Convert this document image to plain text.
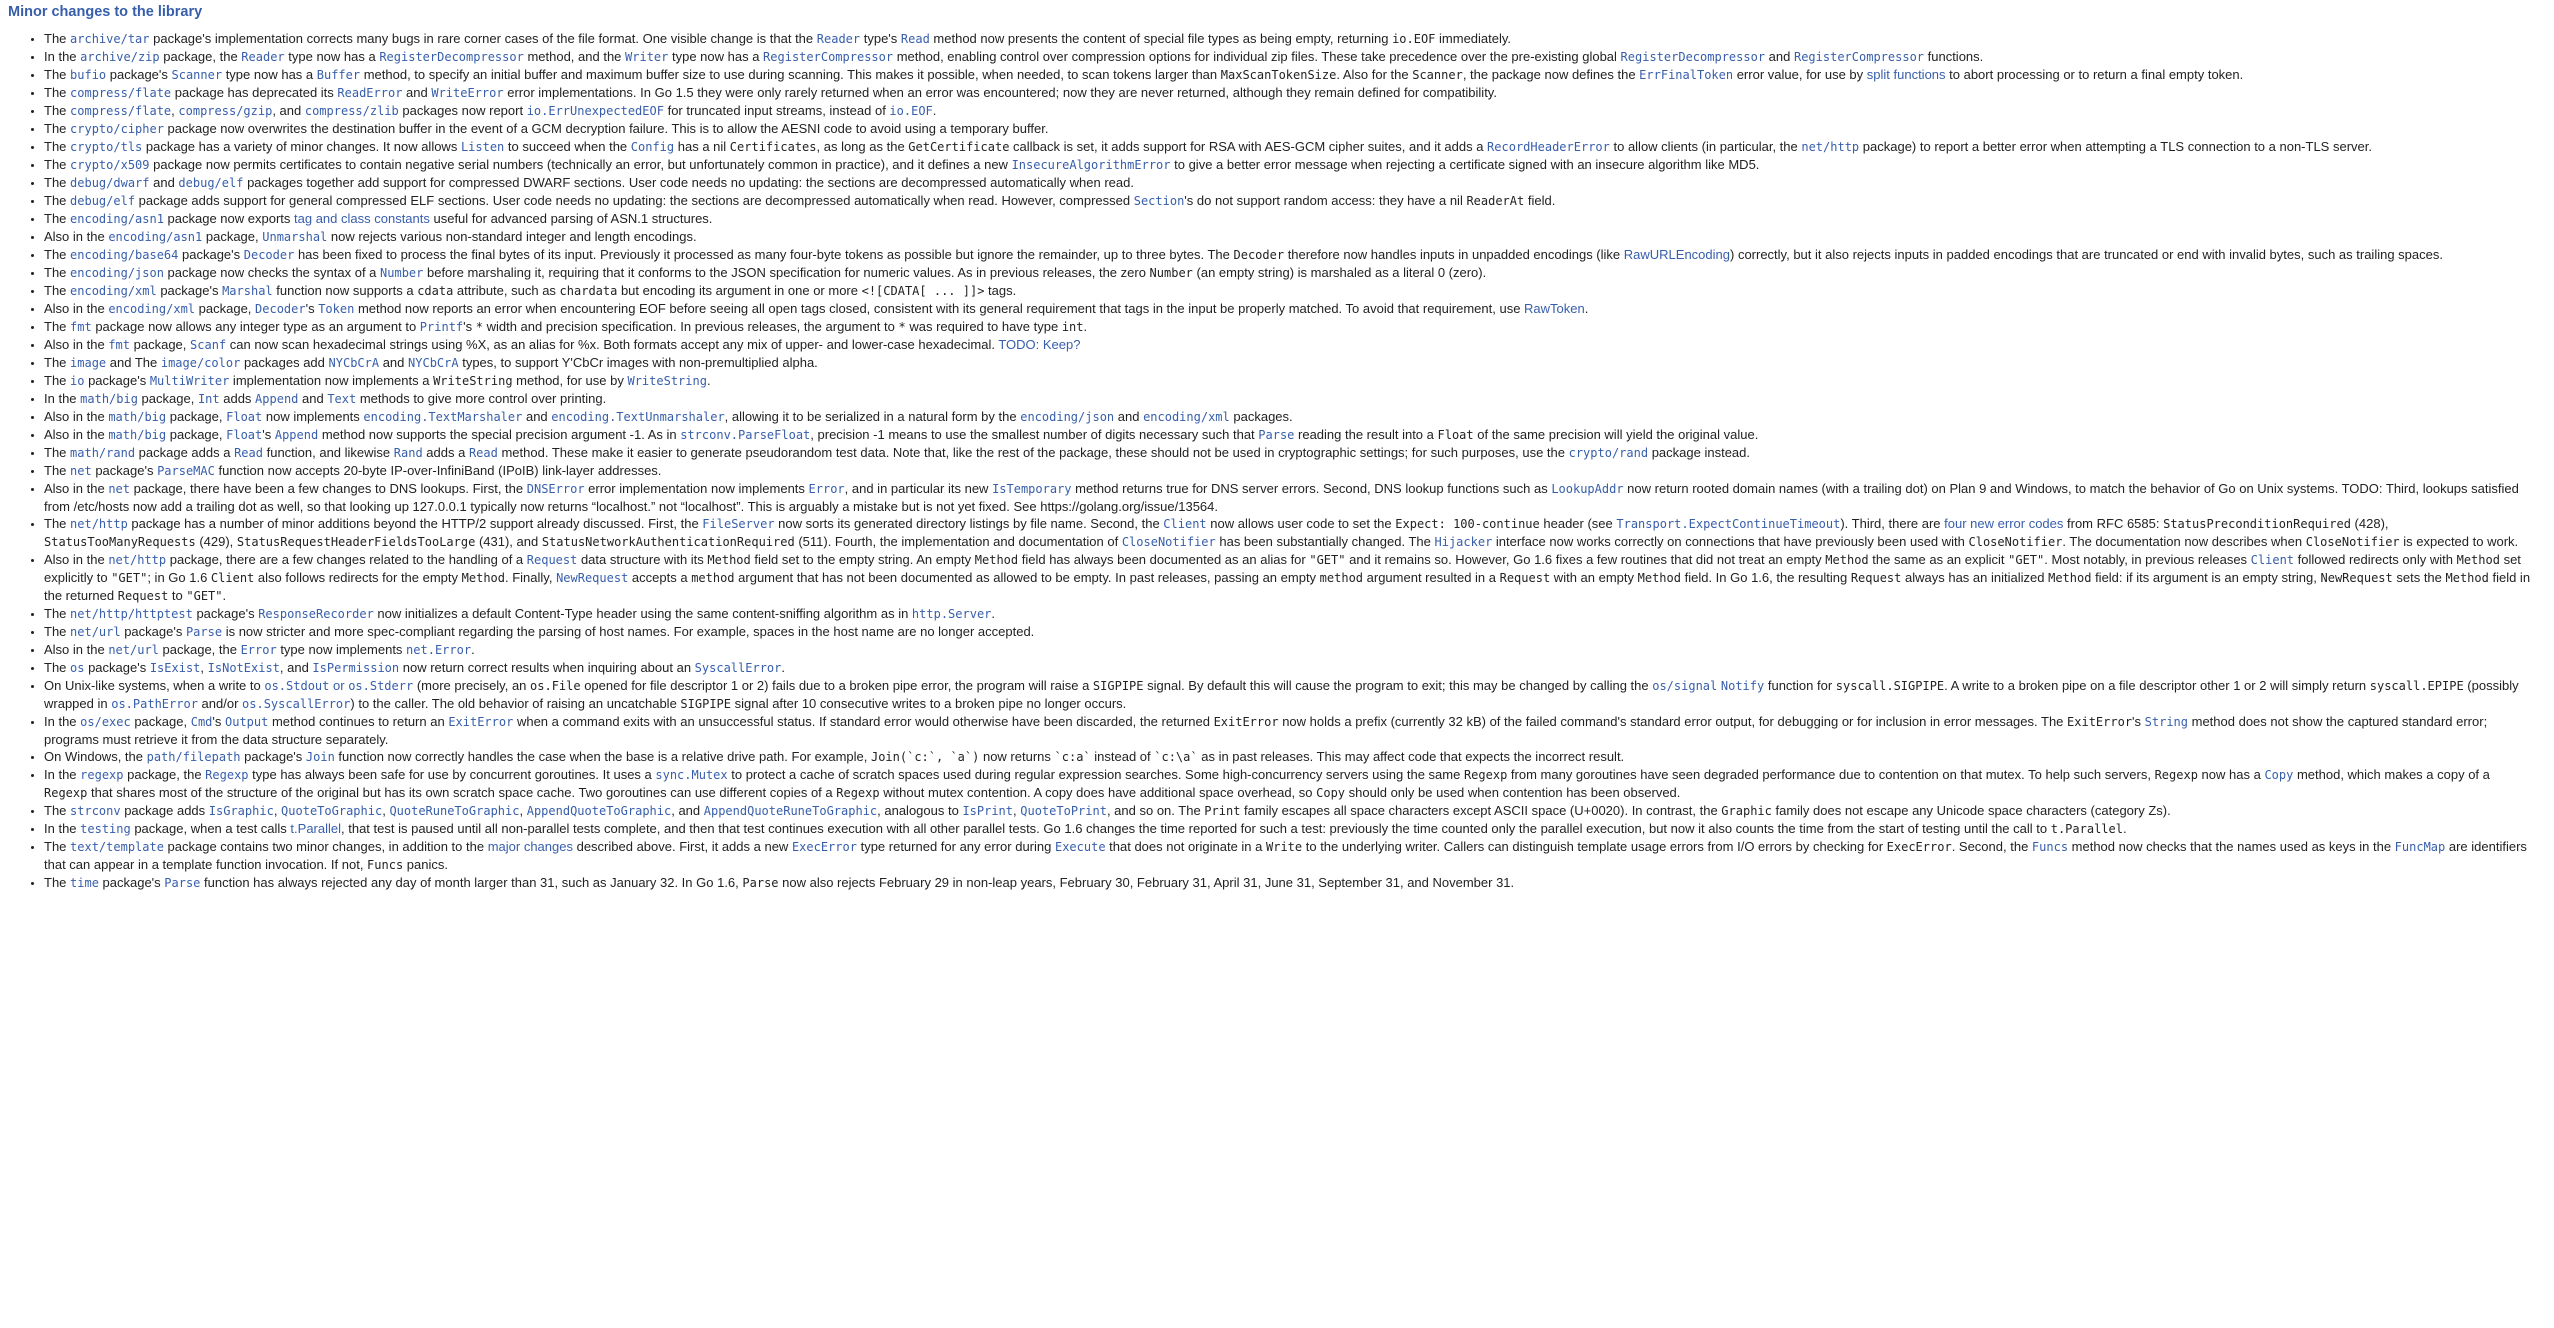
Minor changes to the library
• The archive/tar package's implementation corrects many bugs in rare corner cases of the file format. One visible change is that the Reader type's Read method now presents the content of special file types as being empty, returning io.EOF immediately.
• In the archive/zip package, the Reader type now has a RegisterDecompressor method, and the Writer type now has a RegisterCompressor method, enabling control over compression options for individual zip files. These take precedence over the pre-existing global RegisterDecompressor and RegisterCompressor functions.
• The bufio package's Scanner type now has a Buffer method, to specify an initial buffer and maximum buffer size to use during scanning. This makes it possible, when needed, to scan tokens larger than MaxScanTokenSize. Also for the Scanner, the package now defines the ErrFinalToken error value, for use by split functions to abort processing or to return a final empty token.
• The compress/flate package has deprecated its ReadError and WriteError error implementations. In Go 1.5 they were only rarely returned when an error was encountered; now they are never returned, although they remain defined for compatibility.
• The compress/flate, compress/gzip, and compress/zlib packages now report io.ErrUnexpectedEOF for truncated input streams, instead of io.EOF.
• The crypto/cipher package now overwrites the destination buffer in the event of a GCM decryption failure. This is to allow the AESNI code to avoid using a temporary buffer.
• The crypto/tls package has a variety of minor changes. It now allows Listen to succeed when the Config has a nil Certificates, as long as the GetCertificate callback is set, it adds support for RSA with AES-GCM cipher suites, and it adds a RecordHeaderError to allow clients (in particular, the net/http package) to report a better error when attempting a TLS connection to a non-TLS server.
• The crypto/x509 package now permits certificates to contain negative serial numbers (technically an error, but unfortunately common in practice), and it defines a new InsecureAlgorithmError to give a better error message when rejecting a certificate signed with an insecure algorithm like MD5.
• The debug/dwarf and debug/elf packages together add support for compressed DWARF sections. User code needs no updating: the sections are decompressed automatically when read.
• The debug/elf package adds support for general compressed ELF sections. User code needs no updating: the sections are decompressed automatically when read. However, compressed Section's do not support random access: they have a nil ReaderAt field.
• The encoding/asn1 package now exports tag and class constants useful for advanced parsing of ASN.1 structures.
• Also in the encoding/asn1 package, Unmarshal now rejects various non-standard integer and length encodings.
• The encoding/base64 package's Decoder has been fixed to process the final bytes of its input. Previously it processed as many four-byte tokens as possible but ignore the remainder, up to three bytes. The Decoder therefore now handles inputs in unpadded encodings (like RawURLEncoding) correctly, but it also rejects inputs in padded encodings that are truncated or end with invalid bytes, such as trailing spaces.
• The encoding/json package now checks the syntax of a Number before marshaling it, requiring that it conforms to the JSON specification for numeric values. As in previous releases, the zero Number (an empty string) is marshaled as a literal 0 (zero).
• The encoding/xml package's Marshal function now supports a cdata attribute, such as chardata but encoding its argument in one or more <![CDATA[ ... ]]> tags.
• Also in the encoding/xml package, Decoder's Token method now reports an error when encountering EOF before seeing all open tags closed, consistent with its general requirement that tags in the input be properly matched. To avoid that requirement, use RawToken.
• The fmt package now allows any integer type as an argument to Printf's * width and precision specification. In previous releases, the argument to * was required to have type int.
• Also in the fmt package, Scanf can now scan hexadecimal strings using %X, as an alias for %x. Both formats accept any mix of upper- and lower-case hexadecimal. TODO: Keep?
• The image and The image/color packages add NYCbCrA and NYCbCrA types, to support Y'CbCr images with non-premultiplied alpha.
• The io package's MultiWriter implementation now implements a WriteString method, for use by WriteString.
• In the math/big package, Int adds Append and Text methods to give more control over printing.
• Also in the math/big package, Float now implements encoding.TextMarshaler and encoding.TextUnmarshaler, allowing it to be serialized in a natural form by the encoding/json and encoding/xml packages.
• Also in the math/big package, Float's Append method now supports the special precision argument -1. As in strconv.ParseFloat, precision -1 means to use the smallest number of digits necessary such that Parse reading the result into a Float of the same precision will yield the original value.
• The math/rand package adds a Read function, and likewise Rand adds a Read method. These make it easier to generate pseudorandom test data. Note that, like the rest of the package, these should not be used in cryptographic settings; for such purposes, use the crypto/rand package instead.
• The net package's ParseMAC function now accepts 20-byte IP-over-InfiniBand (IPoIB) link-layer addresses.
• Also in the net package, there have been a few changes to DNS lookups. First, the DNSError error implementation now implements Error, and in particular its new IsTemporary method returns true for DNS server errors. Second, DNS lookup functions such as LookupAddr now return rooted domain names (with a trailing dot) on Plan 9 and Windows, to match the behavior of Go on Unix systems. TODO: Third, lookups satisfied from /etc/hosts now add a trailing dot as well, so that looking up 127.0.0.1 typically now returns “localhost.” not “localhost”. This is arguably a mistake but is not yet fixed. See https://golang.org/issue/13564.
• The net/http package has a number of minor additions beyond the HTTP/2 support already discussed. First, the FileServer now sorts its generated directory listings by file name. Second, the Client now allows user code to set the Expect: 100-continue header (see Transport.ExpectContinueTimeout). Third, there are four new error codes from RFC 6585: StatusPreconditionRequired (428), StatusTooManyRequests (429), StatusRequestHeaderFieldsTooLarge (431), and StatusNetworkAuthenticationRequired (511). Fourth, the implementation and documentation of CloseNotifier has been substantially changed. The Hijacker interface now works correctly on connections that have previously been used with CloseNotifier. The documentation now describes when CloseNotifier is expected to work.
• Also in the net/http package, there are a few changes related to the handling of a Request data structure with its Method field set to the empty string. An empty Method field has always been documented as an alias for "GET" and it remains so. However, Go 1.6 fixes a few routines that did not treat an empty Method the same as an explicit "GET". Most notably, in previous releases Client followed redirects only with Method set explicitly to "GET"; in Go 1.6 Client also follows redirects for the empty Method. Finally, NewRequest accepts a method argument that has not been documented as allowed to be empty. In past releases, passing an empty method argument resulted in a Request with an empty Method field. In Go 1.6, the resulting Request always has an initialized Method field: if its argument is an empty string, NewRequest sets the Method field in the returned Request to "GET".
• The net/http/httptest package's ResponseRecorder now initializes a default Content-Type header using the same content-sniffing algorithm as in http.Server.
• The net/url package's Parse is now stricter and more spec-compliant regarding the parsing of host names. For example, spaces in the host name are no longer accepted.
• Also in the net/url package, the Error type now implements net.Error.
• The os package's IsExist, IsNotExist, and IsPermission now return correct results when inquiring about an SyscallError.
• On Unix-like systems, when a write to os.Stdout or os.Stderr (more precisely, an os.File opened for file descriptor 1 or 2) fails due to a broken pipe error, the program will raise a SIGPIPE signal. By default this will cause the program to exit; this may be changed by calling the os/signal Notify function for syscall.SIGPIPE. A write to a broken pipe on a file descriptor other 1 or 2 will simply return syscall.EPIPE (possibly wrapped in os.PathError and/or os.SyscallError) to the caller. The old behavior of raising an uncatchable SIGPIPE signal after 10 consecutive writes to a broken pipe no longer occurs.
• In the os/exec package, Cmd's Output method continues to return an ExitError when a command exits with an unsuccessful status. If standard error would otherwise have been discarded, the returned ExitError now holds a prefix (currently 32 kB) of the failed command's standard error output, for debugging or for inclusion in error messages. The ExitError's String method does not show the captured standard error; programs must retrieve it from the data structure separately.
• On Windows, the path/filepath package's Join function now correctly handles the case when the base is a relative drive path. For example, Join(`c:`, `a`) now returns `c:a` instead of `c:\a` as in past releases. This may affect code that expects the incorrect result.
• In the regexp package, the Regexp type has always been safe for use by concurrent goroutines. It uses a sync.Mutex to protect a cache of scratch spaces used during regular expression searches. Some high-concurrency servers using the same Regexp from many goroutines have seen degraded performance due to contention on that mutex. To help such servers, Regexp now has a Copy method, which makes a copy of a Regexp that shares most of the structure of the original but has its own scratch space cache. Two goroutines can use different copies of a Regexp without mutex contention. A copy does have additional space overhead, so Copy should only be used when contention has been observed.
• The strconv package adds IsGraphic, QuoteToGraphic, QuoteRuneToGraphic, AppendQuoteToGraphic, and AppendQuoteRuneToGraphic, analogous to IsPrint, QuoteToPrint, and so on. The Print family escapes all space characters except ASCII space (U+0020). In contrast, the Graphic family does not escape any Unicode space characters (category Zs).
• In the testing package, when a test calls t.Parallel, that test is paused until all non-parallel tests complete, and then that test continues execution with all other parallel tests. Go 1.6 changes the time reported for such a test: previously the time counted only the parallel execution, but now it also counts the time from the start of testing until the call to t.Parallel.
• The text/template package contains two minor changes, in addition to the major changes described above. First, it adds a new ExecError type returned for any error during Execute that does not originate in a Write to the underlying writer. Callers can distinguish template usage errors from I/O errors by checking for ExecError. Second, the Funcs method now checks that the names used as keys in the FuncMap are identifiers that can appear in a template function invocation. If not, Funcs panics.
• The time package's Parse function has always rejected any day of month larger than 31, such as January 32. In Go 1.6, Parse now also rejects February 29 in non-leap years, February 30, February 31, April 31, June 31, September 31, and November 31.
